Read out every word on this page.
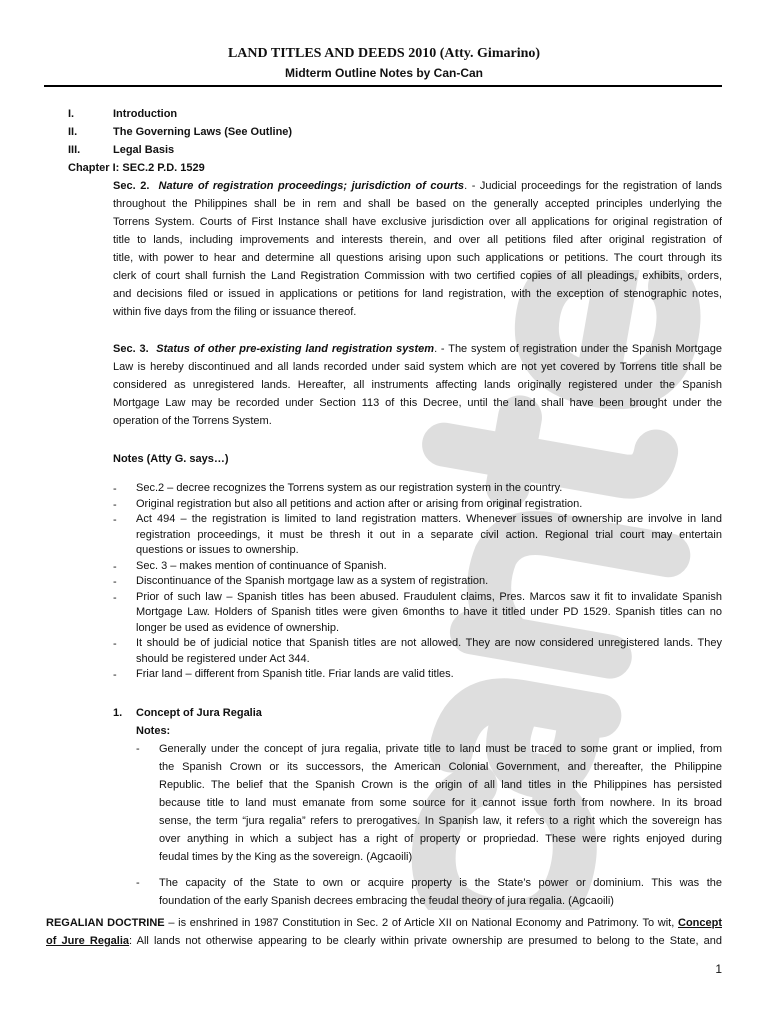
LAND TITLES AND DEEDS 2010 (Atty. Gimarino)
Midterm Outline Notes by Can-Can
I.	Introduction
II.	The Governing Laws (See Outline)
III.	Legal Basis
Chapter I: SEC.2 P.D. 1529
Sec. 2. Nature of registration proceedings; jurisdiction of courts. - Judicial proceedings for the registration of lands
throughout the Philippines shall be in rem and shall be based on the generally accepted principles underlying the
Torrens System. Courts of First Instance shall have exclusive jurisdiction over all applications for original registration of
title to lands, including improvements and interests therein, and over all petitions filed after original registration of
title, with power to hear and determine all questions arising upon such applications or petitions. The court through its
clerk of court shall furnish the Land Registration Commission with two certified copies of all pleadings, exhibits, orders,
and decisions filed or issued in applications or petitions for land registration, with the exception of stenographic notes,
within five days from the filing or issuance thereof.
Sec. 3. Status of other pre-existing land registration system. - The system of registration under the Spanish Mortgage
Law is hereby discontinued and all lands recorded under said system which are not yet covered by Torrens title shall be
considered as unregistered lands. Hereafter, all instruments affecting lands originally registered under the Spanish
Mortgage Law may be recorded under Section 113 of this Decree, until the land shall have been brought under the
operation of the Torrens System.
Notes (Atty G. says…)
- Sec.2 – decree recognizes the Torrens system as our registration system in the country.
- Original registration but also all petitions and action after or arising from original registration.
- Act 494 – the registration is limited to land registration matters. Whenever issues of ownership are involve in land
registration proceedings, it must be thresh it out in a separate civil action. Regional trial court may entertain
questions or issues to ownership.
- Sec. 3 – makes mention of continuance of Spanish.
- Discontinuance of the Spanish mortgage law as a system of registration.
- Prior of such law – Spanish titles has been abused. Fraudulent claims, Pres. Marcos saw it fit to invalidate Spanish
Mortgage Law. Holders of Spanish titles were given 6months to have it titled under PD 1529. Spanish titles can no
longer be used as evidence of ownership.
- It should be of judicial notice that Spanish titles are not allowed. They are now considered unregistered lands. They
should be registered under Act 344.
- Friar land – different from Spanish title. Friar lands are valid titles.
1. Concept of Jura Regalia
Notes:
- Generally under the concept of jura regalia, private title to land must be traced to some grant or implied, from
the Spanish Crown or its successors, the American Colonial Government, and thereafter, the Philippine
Republic. The belief that the Spanish Crown is the origin of all land titles in the Philippines has persisted
because title to land must emanate from some source for it cannot issue forth from nowhere. In its broad
sense, the term “jura regalia” refers to prerogatives. In Spanish law, it refers to a right which the sovereign has
over anything in which a subject has a right of property or propriedad. These were rights enjoyed during
feudal times by the King as the sovereign. (Agcaoili)
- The capacity of the State to own or acquire property is the State’s power or dominium. This was the
foundation of the early Spanish decrees embracing the feudal theory of jura regalia. (Agcaoili)
REGALIAN DOCTRINE – is enshrined in 1987 Constitution in Sec. 2 of Article XII on National Economy and Patrimony. To wit, Concept
of Jure Regalia: All lands not otherwise appearing to be clearly within private ownership are presumed to belong to the State, and
1
